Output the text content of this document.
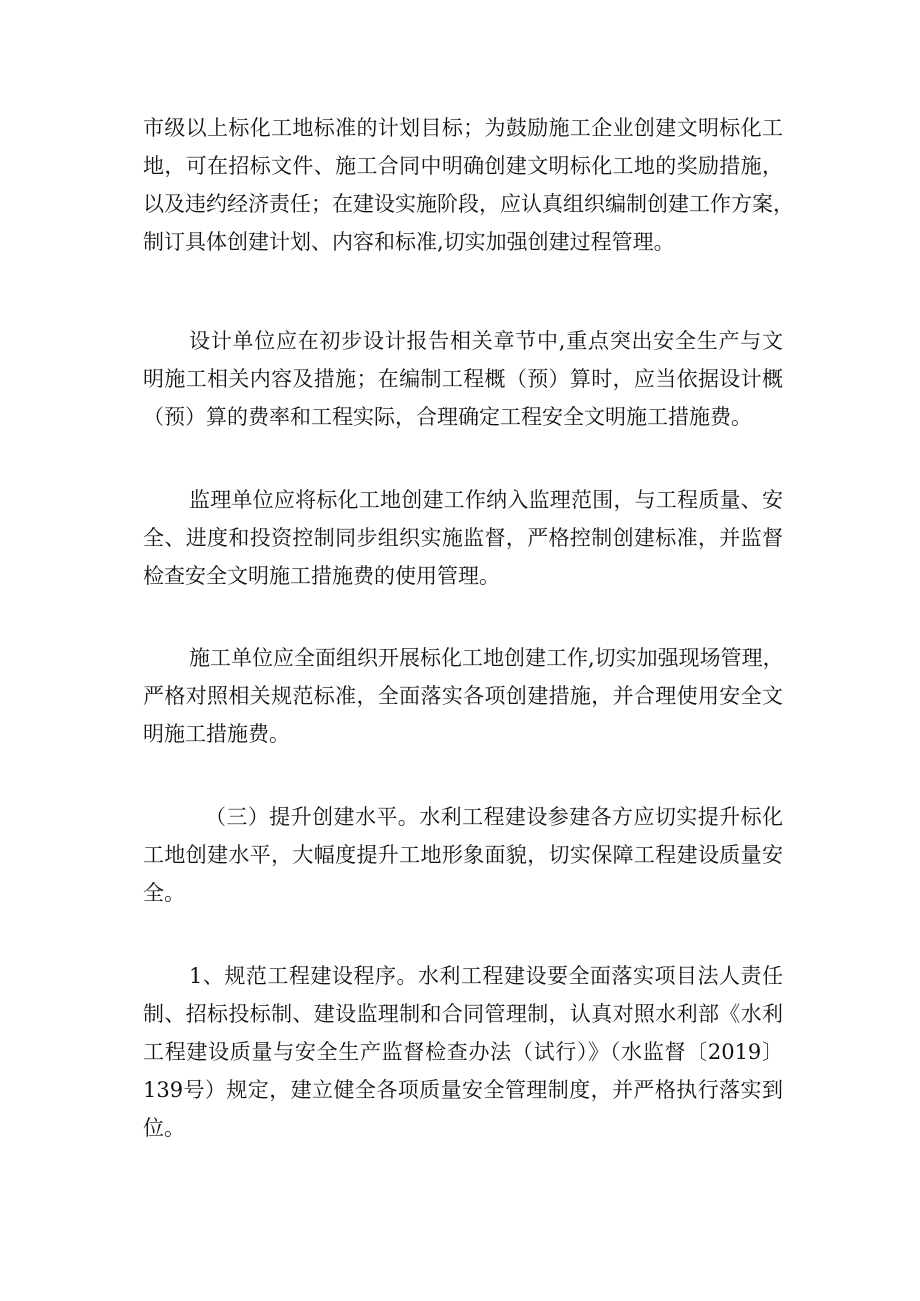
市级以上标化工地标准的计划目标；为鼓励施工企业创建文明标化工
地，可在招标文件、施工合同中明确创建文明标化工地的奖励措施，
以及违约经济责任；在建设实施阶段，应认真组织编制创建工作方案，
制订具体创建计划、内容和标准,切实加强创建过程管理。

设计单位应在初步设计报告相关章节中,重点突出安全生产与文
明施工相关内容及措施；在编制工程概（预）算时，应当依据设计概
（预）算的费率和工程实际，合理确定工程安全文明施工措施费。

监理单位应将标化工地创建工作纳入监理范围，与工程质量、安
全、进度和投资控制同步组织实施监督，严格控制创建标准，并监督
检查安全文明施工措施费的使用管理。

施工单位应全面组织开展标化工地创建工作,切实加强现场管理，
严格对照相关规范标准，全面落实各项创建措施，并合理使用安全文
明施工措施费。

（三）提升创建水平。水利工程建设参建各方应切实提升标化
工地创建水平，大幅度提升工地形象面貌，切实保障工程建设质量安
全。

1、规范工程建设程序。水利工程建设要全面落实项目法人责任
制、招标投标制、建设监理制和合同管理制，认真对照水利部《水利
工程建设质量与安全生产监督检查办法（试行）》（水监督〔2019〕
139号）规定，建立健全各项质量安全管理制度，并严格执行落实到
位。
